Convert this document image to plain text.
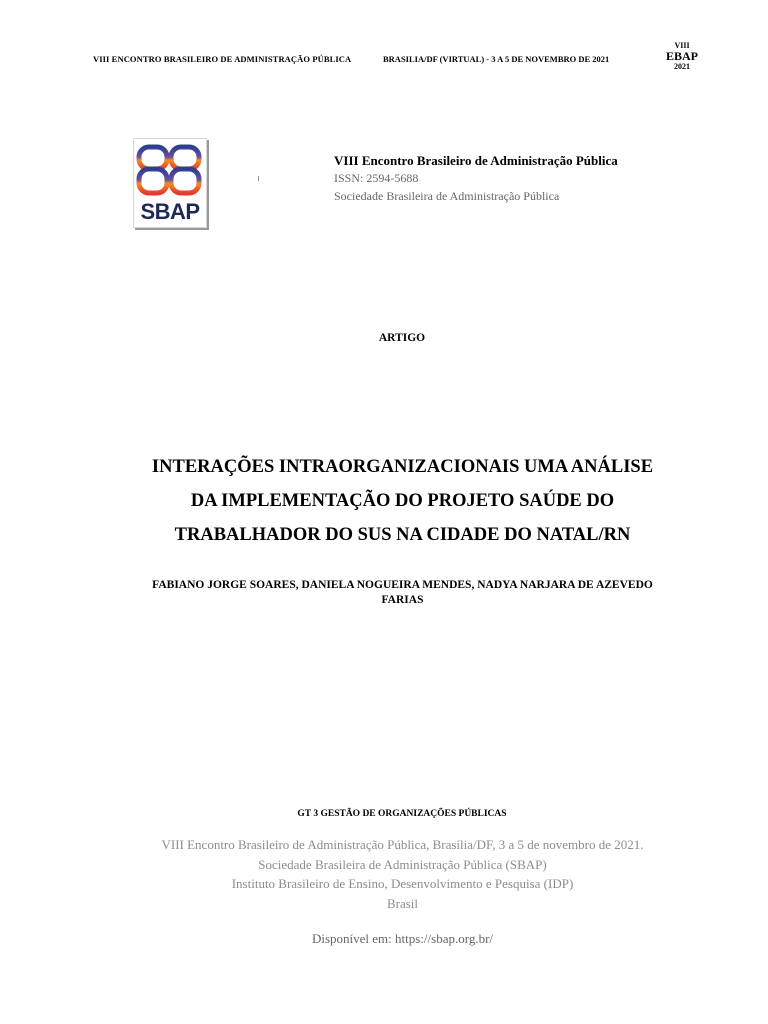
VIII ENCONTRO BRASILEIRO DE ADMINISTRAÇÃO PÚBLICA	BRASILIA/DF (VIRTUAL) - 3 A 5 DE NOVEMBRO DE 2021
VIII
EBAP
2021
SBAP
VIII Encontro Brasileiro de Administração Pública
ISSN: 2594-5688
Sociedade Brasileira de Administração Pública
ARTIGO
INTERAÇÕES INTRAORGANIZACIONAIS UMA ANÁLISE
DA IMPLEMENTAÇÃO DO PROJETO SAÚDE DO
TRABALHADOR DO SUS NA CIDADE DO NATAL/RN
FABIANO JORGE SOARES, DANIELA NOGUEIRA MENDES, NADYA NARJARA DE AZEVEDO
FARIAS
GT 3 GESTÃO DE ORGANIZAÇÕES PÚBLICAS
VIII Encontro Brasileiro de Administração Pública, Brasília/DF, 3 a 5 de novembro de 2021.
Sociedade Brasileira de Administração Pública (SBAP)
Instituto Brasileiro de Ensino, Desenvolvimento e Pesquisa (IDP)
Brasil
Disponível em: https://sbap.org.br/
